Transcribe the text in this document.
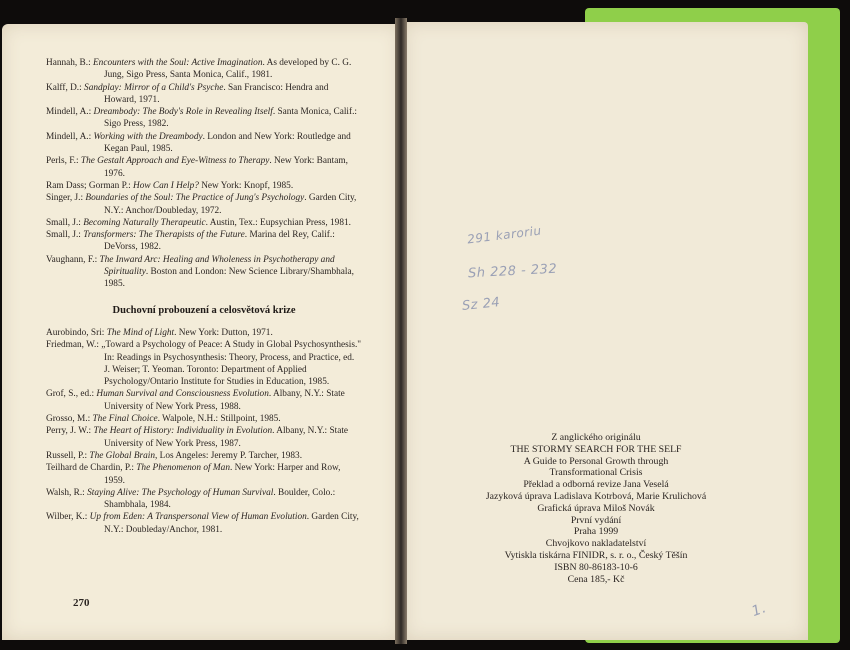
Hannah, B.: Encounters with the Soul: Active Imagination. As developed by C. G. Jung, Sigo Press, Santa Monica, Calif., 1981.

Kalff, D.: Sandplay: Mirror of a Child's Psyche. San Francisco: Hendra and Howard, 1971.

Mindell, A.: Dreambody: The Body's Role in Revealing Itself. Santa Monica, Calif.: Sigo Press, 1982.

Mindell, A.: Working with the Dreambody. London and New York: Routledge and Kegan Paul, 1985.

Perls, F.: The Gestalt Approach and Eye-Witness to Therapy. New York: Bantam, 1976.

Ram Dass; Gorman P.: How Can I Help? New York: Knopf, 1985.

Singer, J.: Boundaries of the Soul: The Practice of Jung's Psychology. Garden City, N.Y.: Anchor/Doubleday, 1972.

Small, J.: Becoming Naturally Therapeutic. Austin, Tex.: Eupsychian Press, 1981.

Small, J.: Transformers: The Therapists of the Future. Marina del Rey, Calif.: DeVorss, 1982.

Vaughann, F.: The Inward Arc: Healing and Wholeness in Psychotherapy and Spirituality. Boston and London: New Science Library/Shambhala, 1985.

Duchovní probouzení a celosvětová krize

Aurobindo, Sri: The Mind of Light. New York: Dutton, 1971.

Friedman, W.: „Toward a Psychology of Peace: A Study in Global Psychosynthesis." In: Readings in Psychosynthesis: Theory, Process, and Practice, ed. J. Weiser; T. Yeoman. Toronto: Department of Applied Psychology/Ontario Institute for Studies in Education, 1985.

Grof, S., ed.: Human Survival and Consciousness Evolution. Albany, N.Y.: State University of New York Press, 1988.

Grosso, M.: The Final Choice. Walpole, N.H.: Stillpoint, 1985.

Perry, J. W.: The Heart of History: Individuality in Evolution. Albany, N.Y.: State University of New York Press, 1987.

Russell, P.: The Global Brain, Los Angeles: Jeremy P. Tarcher, 1983.

Teilhard de Chardin, P.: The Phenomenon of Man. New York: Harper and Row, 1959.

Walsh, R.: Staying Alive: The Psychology of Human Survival. Boulder, Colo.: Shambhala, 1984.

Wilber, K.: Up from Eden: A Transpersonal View of Human Evolution. Garden City, N.Y.: Doubleday/Anchor, 1981.

270
291 karoriu
Sh 228 - 232
Sz 24
1.
Z anglického originálu
THE STORMY SEARCH FOR THE SELF
A Guide to Personal Growth through
Transformational Crisis
Překlad a odborná revize Jana Veselá
Jazyková úprava Ladislava Kotrbová, Marie Krulichová
Grafická úprava Miloš Novák
První vydání
Praha 1999
Chvojkovo nakladatelství
Vytiskla tiskárna FINIDR, s. r. o., Český Těšín
ISBN 80-86183-10-6
Cena 185,- Kč
